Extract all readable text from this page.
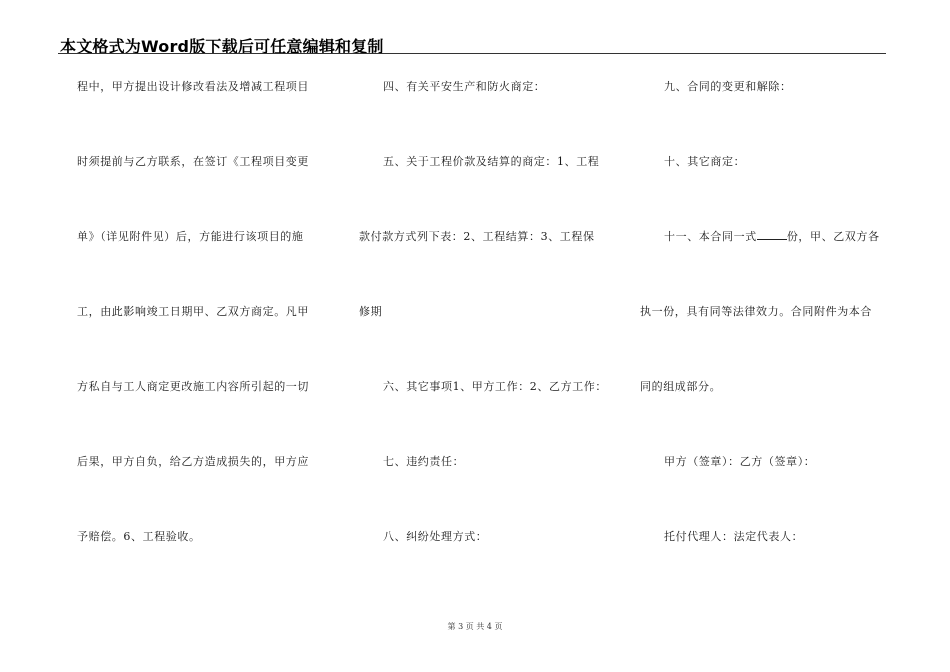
本文格式为Word版下载后可任意编辑和复制
程中，甲方提出设计修改看法及增减工程项目
时须提前与乙方联系，在签订《工程项目变更
单》（详见附件见）后，方能进行该项目的施
工，由此影响竣工日期甲、乙双方商定。凡甲
方私自与工人商定更改施工内容所引起的一切
后果，甲方自负，给乙方造成损失的，甲方应
予赔偿。6、工程验收。
四、有关平安生产和防火商定：
五、关于工程价款及结算的商定：1、工程
款付款方式列下表：2、工程结算：3、工程保
修期
六、其它事项1、甲方工作：2、乙方工作：
七、违约责任：
八、纠纷处理方式：
九、合同的变更和解除：
十、其它商定：
十一、本合同一式	份，甲、乙双方各
执一份，具有同等法律效力。合同附件为本合
同的组成部分。
甲方（签章）：乙方（签章）：
托付代理人：法定代表人：
第 3 页 共 4 页
